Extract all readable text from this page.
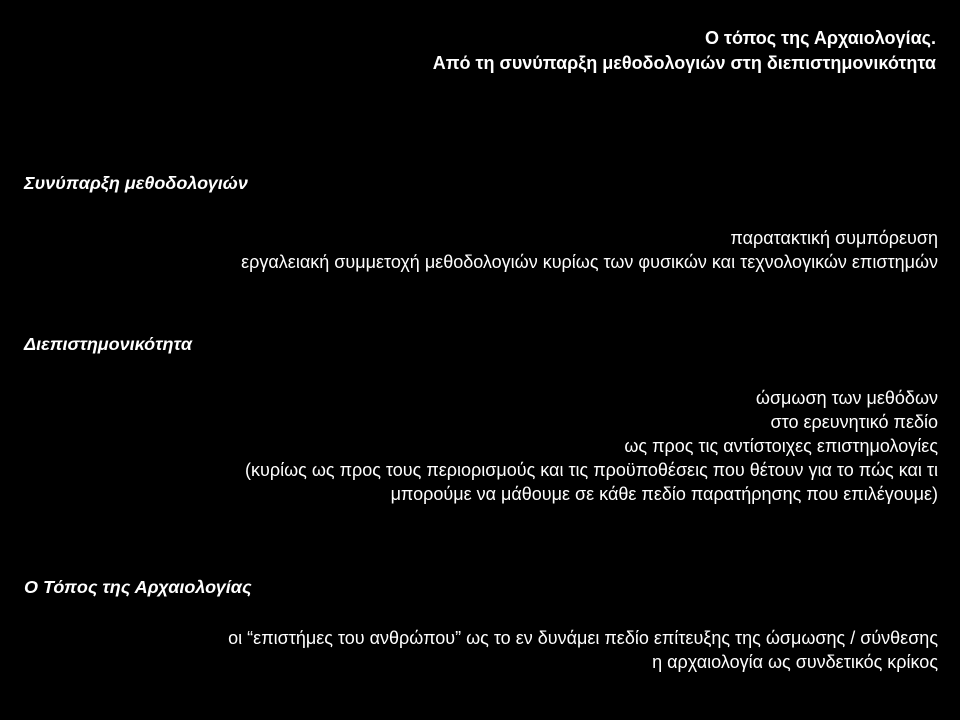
Ο τόπος της Αρχαιολογίας.
Από τη συνύπαρξη μεθοδολογιών στη διεπιστημονικότητα
Συνύπαρξη μεθοδολογιών
παρατακτική συμπόρευση
εργαλειακή συμμετοχή μεθοδολογιών κυρίως των φυσικών και τεχνολογικών επιστημών
Διεπιστημονικότητα
ώσμωση των μεθόδων
στο ερευνητικό πεδίο
ως προς τις αντίστοιχες επιστημολογίες
(κυρίως ως προς τους περιορισμούς και τις προϋποθέσεις που θέτουν για το πώς και τι
μπορούμε να μάθουμε σε κάθε πεδίο παρατήρησης που επιλέγουμε)
Ο Τόπος της Αρχαιολογίας
οι “επιστήμες του ανθρώπου” ως το εν δυνάμει πεδίο επίτευξης της ώσμωσης / σύνθεσης
η αρχαιολογία ως συνδετικός κρίκος
